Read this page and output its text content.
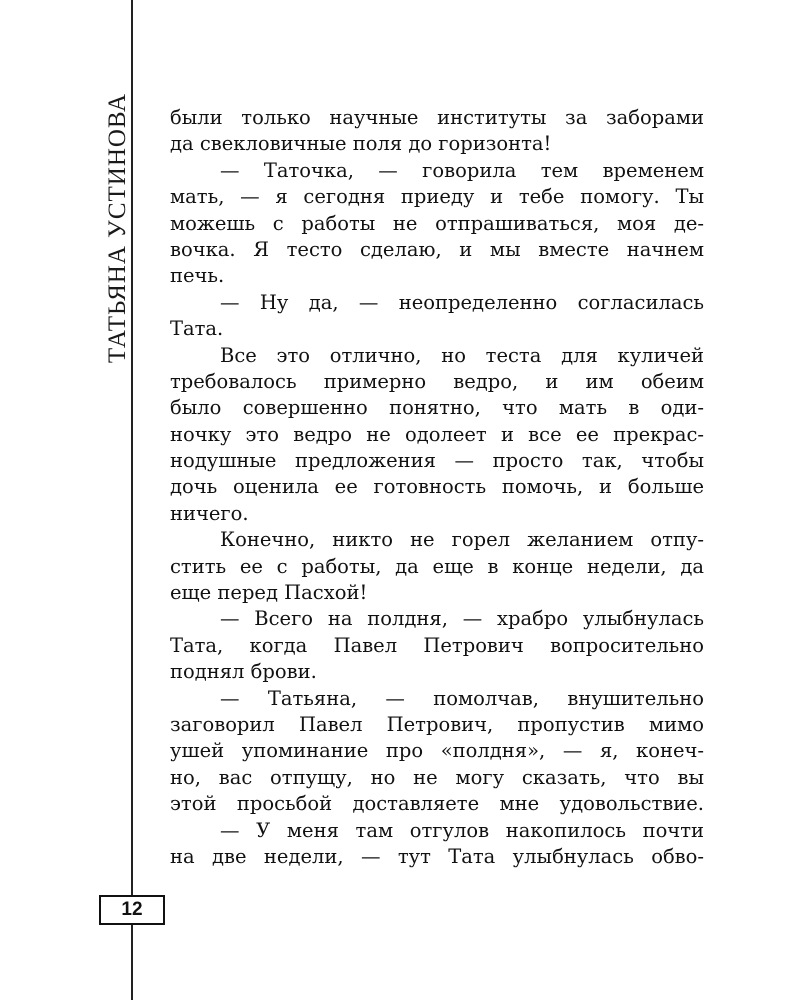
ТАТЬЯНА УСТИНОВА
12
были только научные институты за заборами
да свекловичные поля до горизонта!
— Таточка, — говорила тем временем
мать, — я сегодня приеду и тебе помогу. Ты
можешь с работы не отпрашиваться, моя де-
вочка. Я тесто сделаю, и мы вместе начнем
печь.
— Ну да, — неопределенно согласилась
Тата.
Все это отлично, но теста для куличей
требовалось примерно ведро, и им обеим
было совершенно понятно, что мать в оди-
ночку это ведро не одолеет и все ее прекрас-
нодушные предложения — просто так, чтобы
дочь оценила ее готовность помочь, и больше
ничего.
Конечно, никто не горел желанием отпу-
стить ее с работы, да еще в конце недели, да
еще перед Пасхой!
— Всего на полдня, — храбро улыбнулась
Тата, когда Павел Петрович вопросительно
поднял брови.
— Татьяна, — помолчав, внушительно
заговорил Павел Петрович, пропустив мимо
ушей упоминание про «полдня», — я, конеч-
но, вас отпущу, но не могу сказать, что вы
этой просьбой доставляете мне удовольствие.
— У меня там отгулов накопилось почти
на две недели, — тут Тата улыбнулась обво-
